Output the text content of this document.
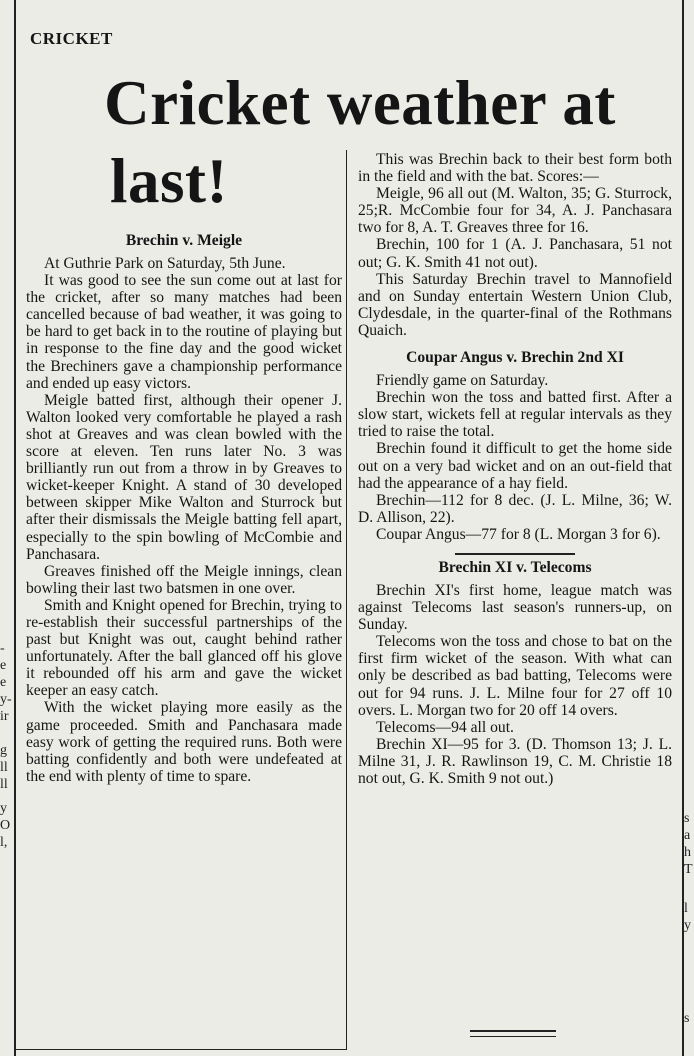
CRICKET
Cricket weather at
last!
Brechin v. Meigle

At Guthrie Park on Saturday, 5th June.

It was good to see the sun come out at last for the cricket, after so many matches had been cancelled because of bad weather, it was going to be hard to get back in to the routine of playing but in response to the fine day and the good wicket the Brechiners gave a championship performance and ended up easy victors.

Meigle batted first, although their opener J. Walton looked very comfortable he played a rash shot at Greaves and was clean bowled with the score at eleven. Ten runs later No. 3 was brilliantly run out from a throw in by Greaves to wicket-keeper Knight. A stand of 30 developed between skipper Mike Walton and Sturrock but after their dismissals the Meigle batting fell apart, especially to the spin bowling of McCombie and Panchasara.

Greaves finished off the Meigle innings, clean bowling their last two batsmen in one over.

Smith and Knight opened for Brechin, trying to re-establish their successful partnerships of the past but Knight was out, caught behind rather unfortunately. After the ball glanced off his glove it rebounded off his arm and gave the wicket keeper an easy catch.

With the wicket playing more easily as the game proceeded. Smith and Panchasara made easy work of getting the required runs. Both were batting confidently and both were undefeated at the end with plenty of time to spare.

This was Brechin back to their best form both in the field and with the bat. Scores:—

Meigle, 96 all out (M. Walton, 35; G. Sturrock, 25;R. McCombie four for 34, A. J. Panchasara two for 8, A. T. Greaves three for 16.

Brechin, 100 for 1 (A. J. Panchasara, 51 not out; G. K. Smith 41 not out).

This Saturday Brechin travel to Mannofield and on Sunday entertain Western Union Club, Clydesdale, in the quarter-final of the Rothmans Quaich.

Coupar Angus v. Brechin 2nd XI

Friendly game on Saturday.

Brechin won the toss and batted first. After a slow start, wickets fell at regular intervals as they tried to raise the total.

Brechin found it difficult to get the home side out on a very bad wicket and on an out-field that had the appearance of a hay field.

Brechin—112 for 8 dec. (J. L. Milne, 36; W. D. Allison, 22).

Coupar Angus—77 for 8 (L. Morgan 3 for 6).

Brechin XI v. Telecoms

Brechin XI's first home, league match was against Telecoms last season's runners-up, on Sunday.

Telecoms won the toss and chose to bat on the first firm wicket of the season. With what can only be described as bad batting, Telecoms were out for 94 runs. J. L. Milne four for 27 off 10 overs. L. Morgan two for 20 off 14 overs.

Telecoms—94 all out.

Brechin XI—95 for 3. (D. Thomson 13; J. L. Milne 31, J. R. Rawlinson 19, C. M. Christie 18 not out, G. K. Smith 9 not out.)

-
e
e
y-
ir
g
ll
ll
y
O
l,
s
a
h
T
l
y
s
